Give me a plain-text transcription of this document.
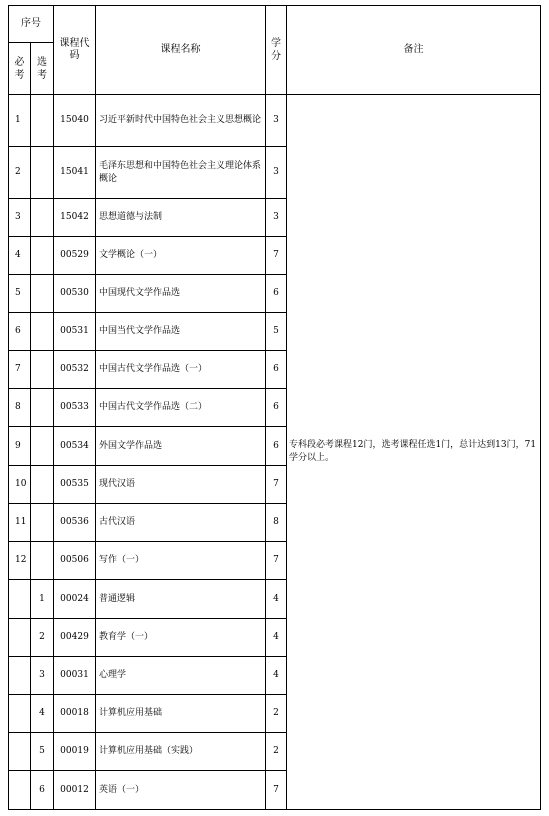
序号		课程代码	课程名称	学分	备注
必考	选考				
1		15040	习近平新时代中国特色社会主义思想概论	3	专科段必考课程12门，选考课程任选1门，总计达到13门，71学分以上。
2		15041	毛泽东思想和中国特色社会主义理论体系概论	3	
3		15042	思想道德与法制	3	
4		00529	文学概论（一）	7	
5		00530	中国现代文学作品选	6	
6		00531	中国当代文学作品选	5	
7		00532	中国古代文学作品选（一）	6	
8		00533	中国古代文学作品选（二）	6	
9		00534	外国文学作品选	6	
10		00535	现代汉语	7	
11		00536	古代汉语	8	
12		00506	写作（一）	7	
	1	00024	普通逻辑	4	
	2	00429	教育学（一）	4	
	3	00031	心理学	4	
	4	00018	计算机应用基础	2	
	5	00019	计算机应用基础（实践）	2	
	6	00012	英语（一）	7	
